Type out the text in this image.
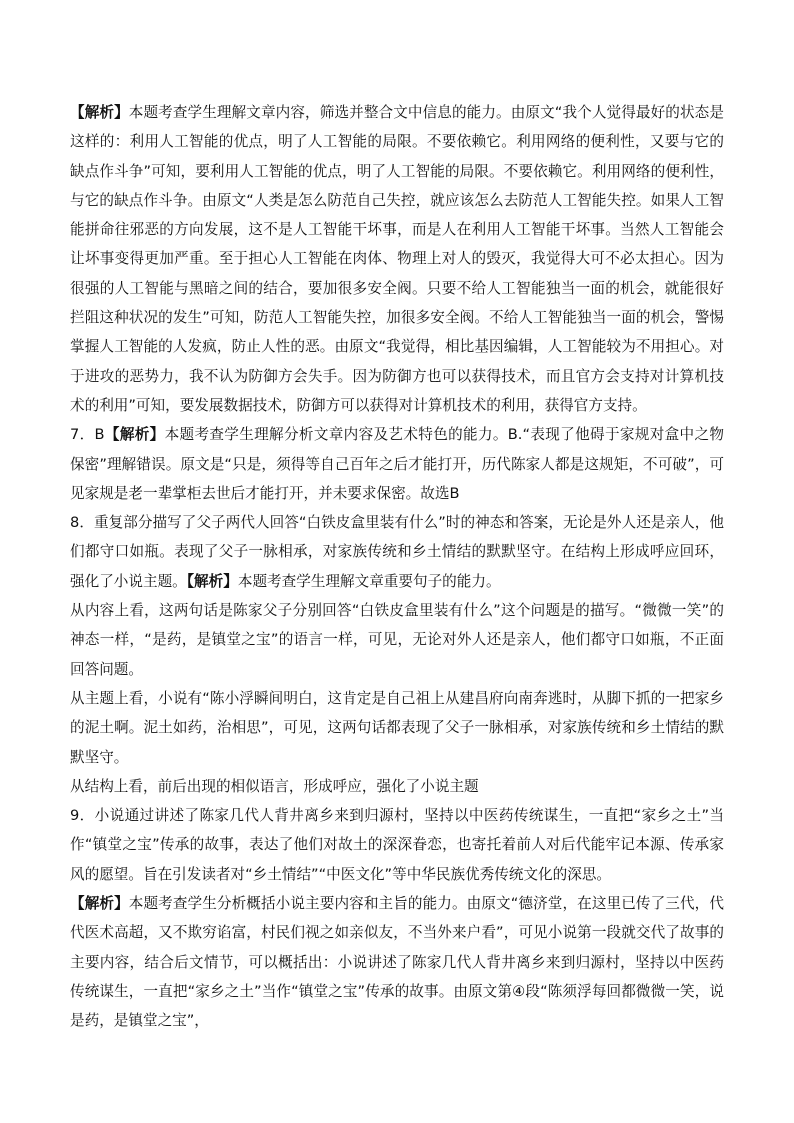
【解析】本题考查学生理解文章内容，筛选并整合文中信息的能力。由原文“我个人觉得最好的状态是这样的：利用人工智能的优点，明了人工智能的局限。不要依赖它。利用网络的便利性，又要与它的缺点作斗争”可知，要利用人工智能的优点，明了人工智能的局限。不要依赖它。利用网络的便利性，与它的缺点作斗争。由原文“人类是怎么防范自己失控，就应该怎么去防范人工智能失控。如果人工智能拼命往邪恶的方向发展，这不是人工智能干坏事，而是人在利用人工智能干坏事。当然人工智能会让坏事变得更加严重。至于担心人工智能在肉体、物理上对人的毁灭，我觉得大可不必太担心。因为很强的人工智能与黑暗之间的结合，要加很多安全阀。只要不给人工智能独当一面的机会，就能很好拦阻这种状况的发生”可知，防范人工智能失控，加很多安全阀。不给人工智能独当一面的机会，警惕掌握人工智能的人发疯，防止人性的恶。由原文“我觉得，相比基因编辑，人工智能较为不用担心。对于进攻的恶势力，我不认为防御方会失手。因为防御方也可以获得技术，而且官方会支持对计算机技术的利用”可知，要发展数据技术，防御方可以获得对计算机技术的利用，获得官方支持。

7．B【解析】本题考查学生理解分析文章内容及艺术特色的能力。B.“表现了他碍于家规对盒中之物保密”理解错误。原文是“只是，须得等自己百年之后才能打开，历代陈家人都是这规矩，不可破”，可见家规是老一辈掌柜去世后才能打开，并未要求保密。故选B

8．重复部分描写了父子两代人回答“白铁皮盒里装有什么”时的神态和答案，无论是外人还是亲人，他们都守口如瓶。表现了父子一脉相承，对家族传统和乡土情结的默默坚守。在结构上形成呼应回环，强化了小说主题。【解析】本题考查学生理解文章重要句子的能力。

从内容上看，这两句话是陈家父子分别回答“白铁皮盒里装有什么”这个问题是的描写。“微微一笑”的神态一样，“是药，是镇堂之宝”的语言一样，可见，无论对外人还是亲人，他们都守口如瓶，不正面回答问题。

从主题上看，小说有“陈小浮瞬间明白，这肯定是自己祖上从建昌府向南奔逃时，从脚下抓的一把家乡的泥土啊。泥土如药，治相思”，可见，这两句话都表现了父子一脉相承，对家族传统和乡土情结的默默坚守。

从结构上看，前后出现的相似语言，形成呼应，强化了小说主题

9．小说通过讲述了陈家几代人背井离乡来到归源村，坚持以中医药传统谋生，一直把“家乡之土”当作“镇堂之宝”传承的故事，表达了他们对故土的深深眷恋，也寄托着前人对后代能牢记本源、传承家风的愿望。旨在引发读者对“乡土情结”“中医文化”等中华民族优秀传统文化的深思。

【解析】本题考查学生分析概括小说主要内容和主旨的能力。由原文“德济堂，在这里已传了三代，代代医术高超，又不欺穷谄富，村民们视之如亲似友，不当外来户看”，可见小说第一段就交代了故事的主要内容，结合后文情节，可以概括出：小说讲述了陈家几代人背井离乡来到归源村，坚持以中医药传统谋生，一直把“家乡之土”当作“镇堂之宝”传承的故事。由原文第④段“陈须浮每回都微微一笑，说是药，是镇堂之宝”，
